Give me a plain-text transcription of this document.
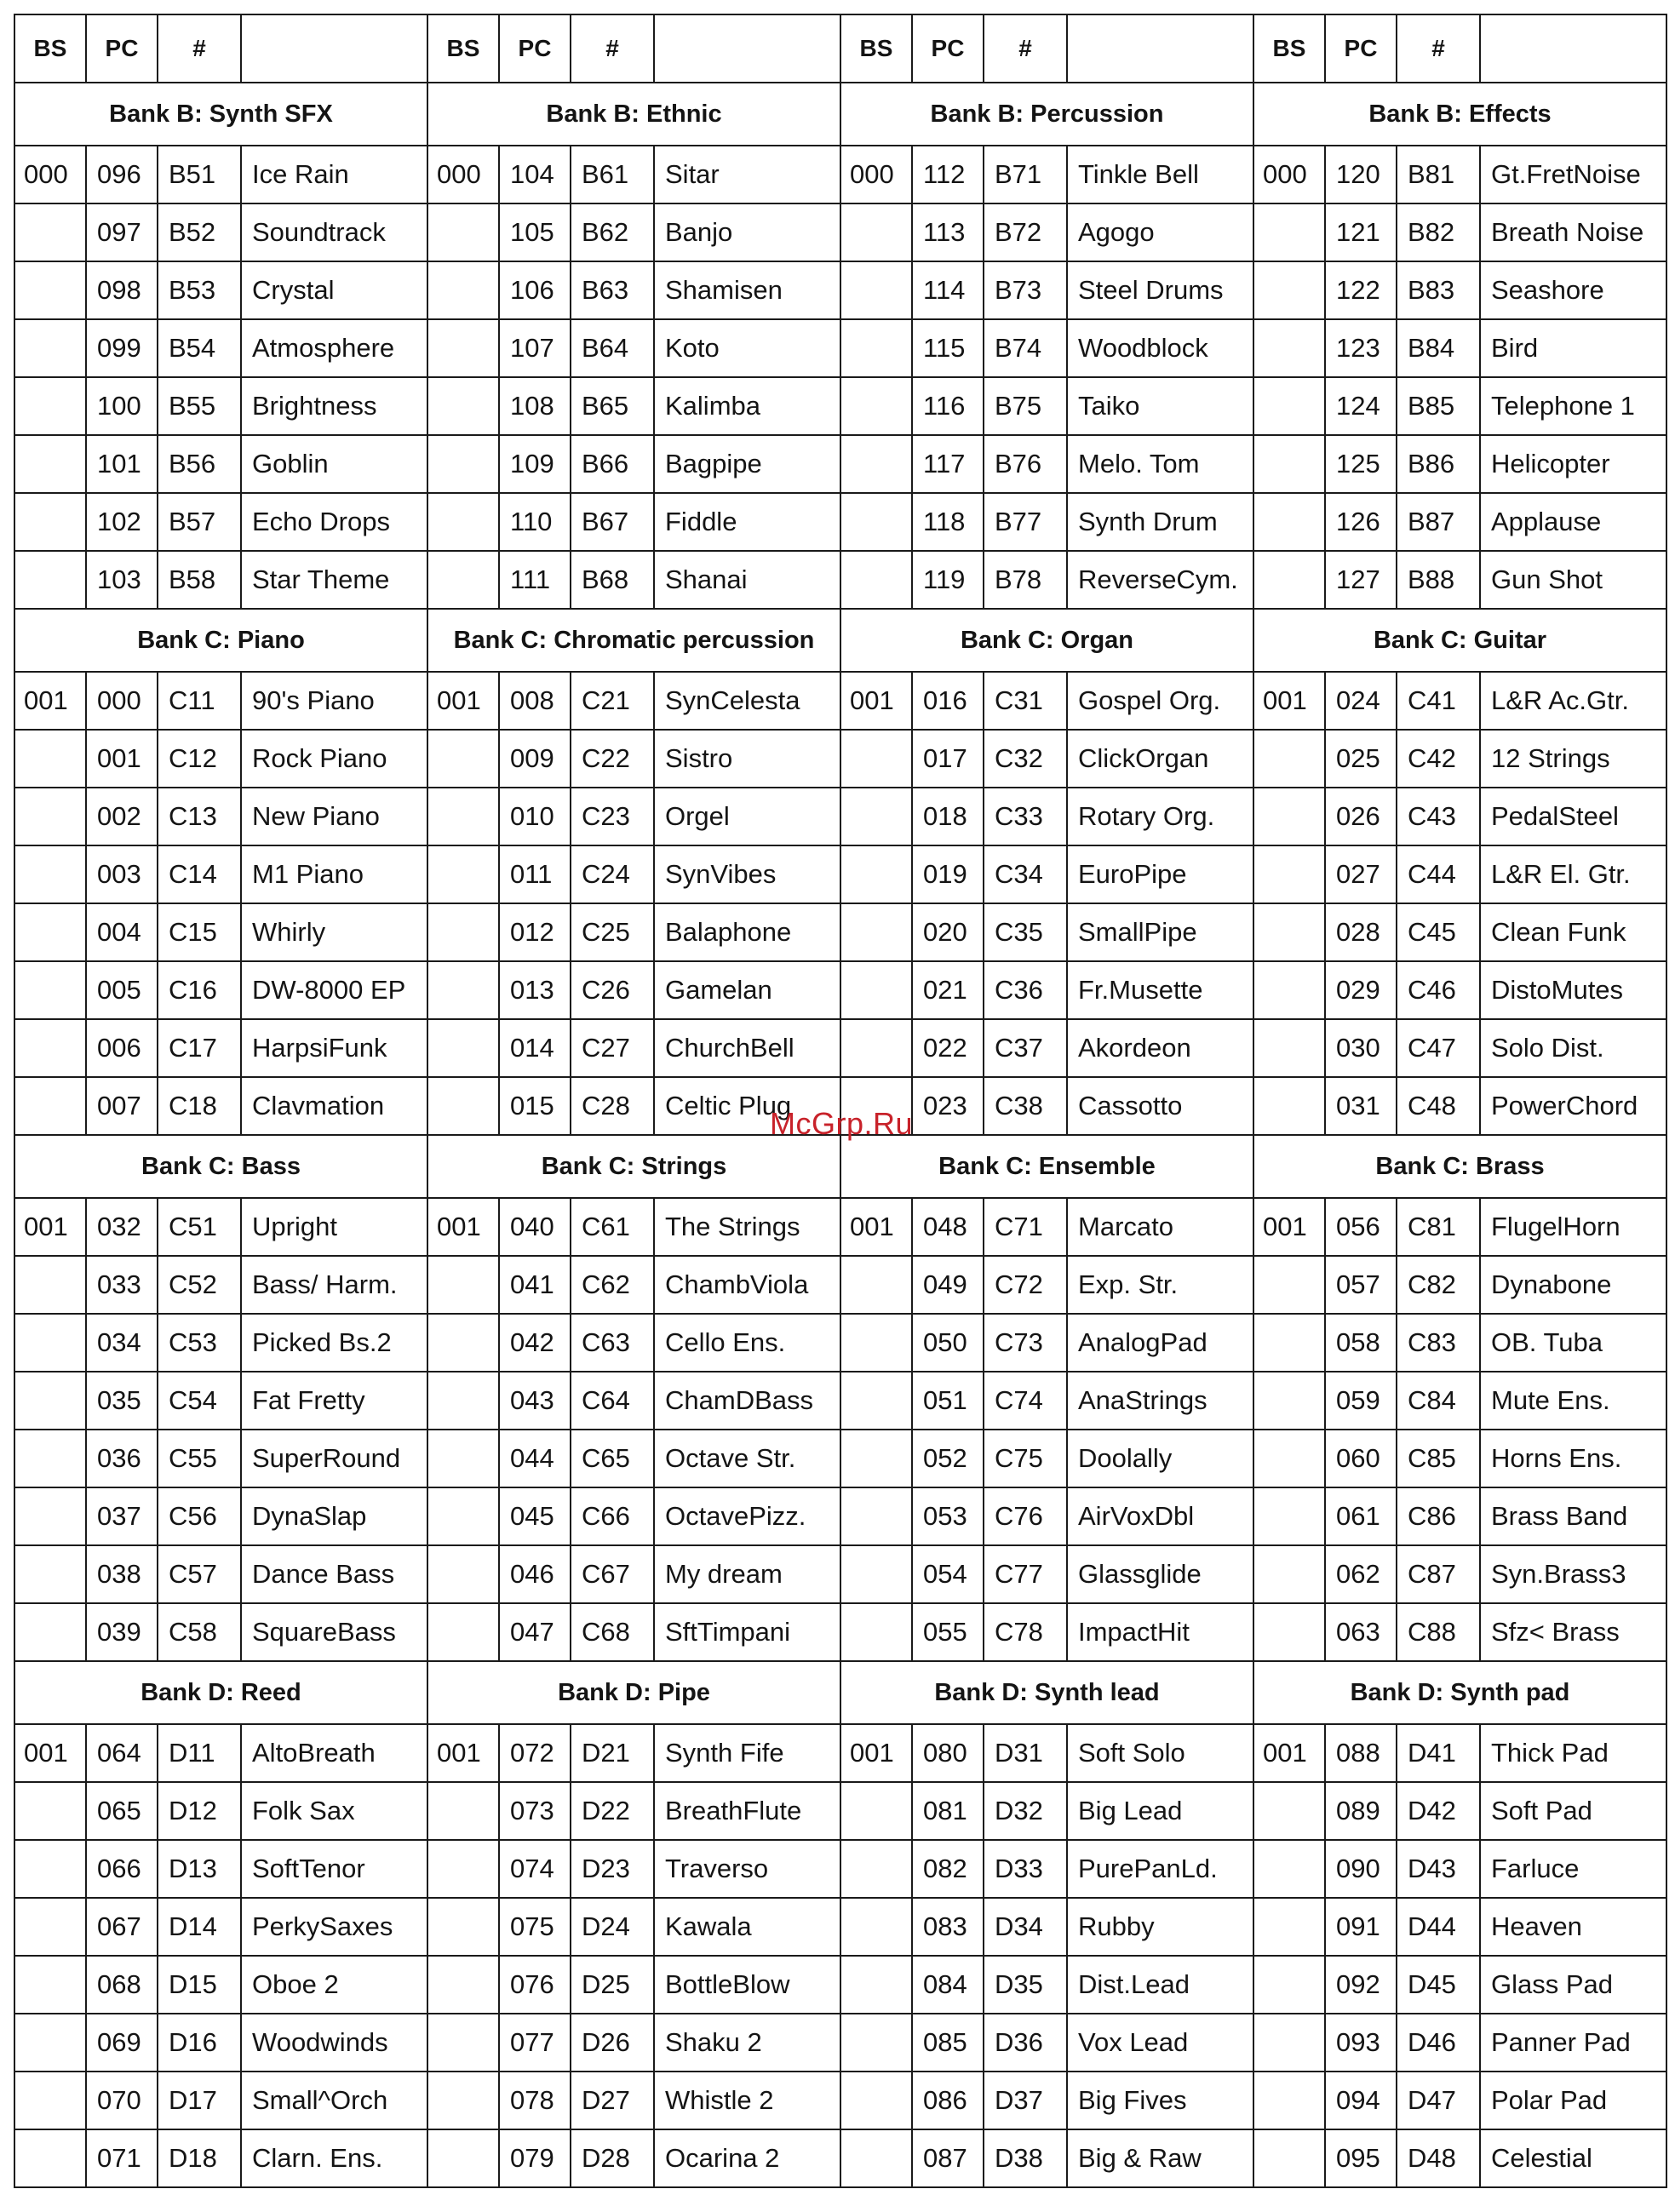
BS	PC	#		BS	PC	#		BS	PC	#		BS	PC	#	
Bank B: Synth SFX				Bank B: Ethnic				Bank B: Percussion				Bank B: Effects			
000	096	B51	Ice Rain	000	104	B61	Sitar	000	112	B71	Tinkle Bell	000	120	B81	Gt.FretNoise
	097	B52	Soundtrack		105	B62	Banjo		113	B72	Agogo		121	B82	Breath Noise
	098	B53	Crystal		106	B63	Shamisen		114	B73	Steel Drums		122	B83	Seashore
	099	B54	Atmosphere		107	B64	Koto		115	B74	Woodblock		123	B84	Bird
	100	B55	Brightness		108	B65	Kalimba		116	B75	Taiko		124	B85	Telephone 1
	101	B56	Goblin		109	B66	Bagpipe		117	B76	Melo. Tom		125	B86	Helicopter
	102	B57	Echo Drops		110	B67	Fiddle		118	B77	Synth Drum		126	B87	Applause
	103	B58	Star Theme		111	B68	Shanai		119	B78	ReverseCym.		127	B88	Gun Shot
Bank C: Piano				Bank C: Chromatic percussion				Bank C: Organ				Bank C: Guitar			
001	000	C11	90's Piano	001	008	C21	SynCelesta	001	016	C31	Gospel Org.	001	024	C41	L&R Ac.Gtr.
	001	C12	Rock Piano		009	C22	Sistro		017	C32	ClickOrgan		025	C42	12 Strings
	002	C13	New Piano		010	C23	Orgel		018	C33	Rotary Org.		026	C43	PedalSteel
	003	C14	M1 Piano		011	C24	SynVibes		019	C34	EuroPipe		027	C44	L&R El. Gtr.
	004	C15	Whirly		012	C25	Balaphone		020	C35	SmallPipe		028	C45	Clean Funk
	005	C16	DW-8000 EP		013	C26	Gamelan		021	C36	Fr.Musette		029	C46	DistoMutes
	006	C17	HarpsiFunk		014	C27	ChurchBell		022	C37	Akordeon		030	C47	Solo Dist.
	007	C18	Clavmation		015	C28	Celtic Plug		023	C38	Cassotto		031	C48	PowerChord
Bank C: Bass				Bank C: Strings				Bank C: Ensemble				Bank C: Brass			
001	032	C51	Upright	001	040	C61	The Strings	001	048	C71	Marcato	001	056	C81	FlugelHorn
	033	C52	Bass/ Harm.		041	C62	ChambViola		049	C72	Exp. Str.		057	C82	Dynabone
	034	C53	Picked Bs.2		042	C63	Cello Ens.		050	C73	AnalogPad		058	C83	OB. Tuba
	035	C54	Fat Fretty		043	C64	ChamDBass		051	C74	AnaStrings		059	C84	Mute Ens.
	036	C55	SuperRound		044	C65	Octave Str.		052	C75	Doolally		060	C85	Horns Ens.
	037	C56	DynaSlap		045	C66	OctavePizz.		053	C76	AirVoxDbl		061	C86	Brass Band
	038	C57	Dance Bass		046	C67	My dream		054	C77	Glassglide		062	C87	Syn.Brass3
	039	C58	SquareBass		047	C68	SftTimpani		055	C78	ImpactHit		063	C88	Sfz< Brass
Bank D: Reed				Bank D: Pipe				Bank D: Synth lead				Bank D: Synth pad			
001	064	D11	AltoBreath	001	072	D21	Synth Fife	001	080	D31	Soft Solo	001	088	D41	Thick Pad
	065	D12	Folk Sax		073	D22	BreathFlute		081	D32	Big Lead		089	D42	Soft Pad
	066	D13	SoftTenor		074	D23	Traverso		082	D33	PurePanLd.		090	D43	Farluce
	067	D14	PerkySaxes		075	D24	Kawala		083	D34	Rubby		091	D44	Heaven
	068	D15	Oboe 2		076	D25	BottleBlow		084	D35	Dist.Lead		092	D45	Glass Pad
	069	D16	Woodwinds		077	D26	Shaku 2		085	D36	Vox Lead		093	D46	Panner Pad
	070	D17	Small^Orch		078	D27	Whistle 2		086	D37	Big Fives		094	D47	Polar Pad
	071	D18	Clarn. Ens.		079	D28	Ocarina 2		087	D38	Big & Raw		095	D48	Celestial
McGrp.Ru
